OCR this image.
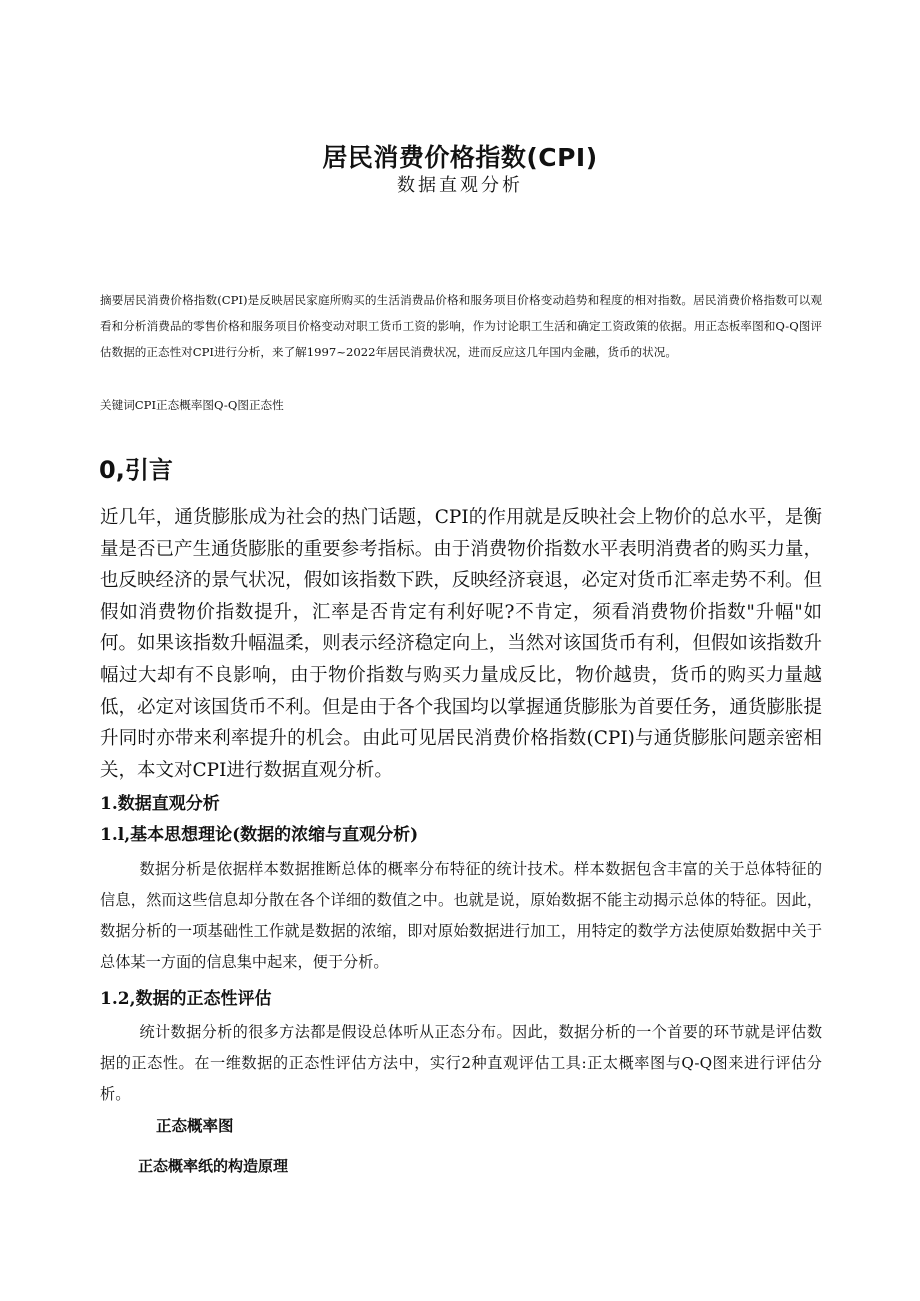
居民消费价格指数(CPI)
数据直观分析

摘要居民消费价格指数(CPI)是反映居民家庭所购买的生活消费品价格和服务项目价格变动趋势和程度的相对指数。居民消费价格指数可以观看和分析消费品的零售价格和服务项目价格变动对职工货币工资的影响，作为讨论职工生活和确定工资政策的依据。用正态板率图和Q-Q图评估数据的正态性对CPI进行分析，来了解1997~2022年居民消费状况，进而反应这几年国内金融，货币的状况。

关键词CPI正态概率图Q-Q图正态性

0,引言

近几年，通货膨胀成为社会的热门话题，CPI的作用就是反映社会上物价的总水平，是衡量是否已产生通货膨胀的重要参考指标。由于消费物价指数水平表明消费者的购买力量，也反映经济的景气状况，假如该指数下跌，反映经济衰退，必定对货币汇率走势不利。但假如消费物价指数提升，汇率是否肯定有利好呢?不肯定，须看消费物价指数"升幅"如何。如果该指数升幅温柔，则表示经济稳定向上，当然对该国货币有利，但假如该指数升幅过大却有不良影响，由于物价指数与购买力量成反比，物价越贵，货币的购买力量越低，必定对该国货币不利。但是由于各个我国均以掌握通货膨胀为首要任务，通货膨胀提升同时亦带来利率提升的机会。由此可见居民消费价格指数(CPI)与通货膨胀问题亲密相关，本文对CPI进行数据直观分析。

1.数据直观分析
1.l,基本思想理论(数据的浓缩与直观分析)

数据分析是依据样本数据推断总体的概率分布特征的统计技术。样本数据包含丰富的关于总体特征的信息，然而这些信息却分散在各个详细的数值之中。也就是说，原始数据不能主动揭示总体的特征。因此，数据分析的一项基础性工作就是数据的浓缩，即对原始数据进行加工，用特定的数学方法使原始数据中关于总体某一方面的信息集中起来，便于分析。

1.2,数据的正态性评估

统计数据分析的很多方法都是假设总体听从正态分布。因此，数据分析的一个首要的环节就是评估数据的正态性。在一维数据的正态性评估方法中，实行2种直观评估工具:正太概率图与Q-Q图来进行评估分析。

正态概率图
正态概率纸的构造原理
